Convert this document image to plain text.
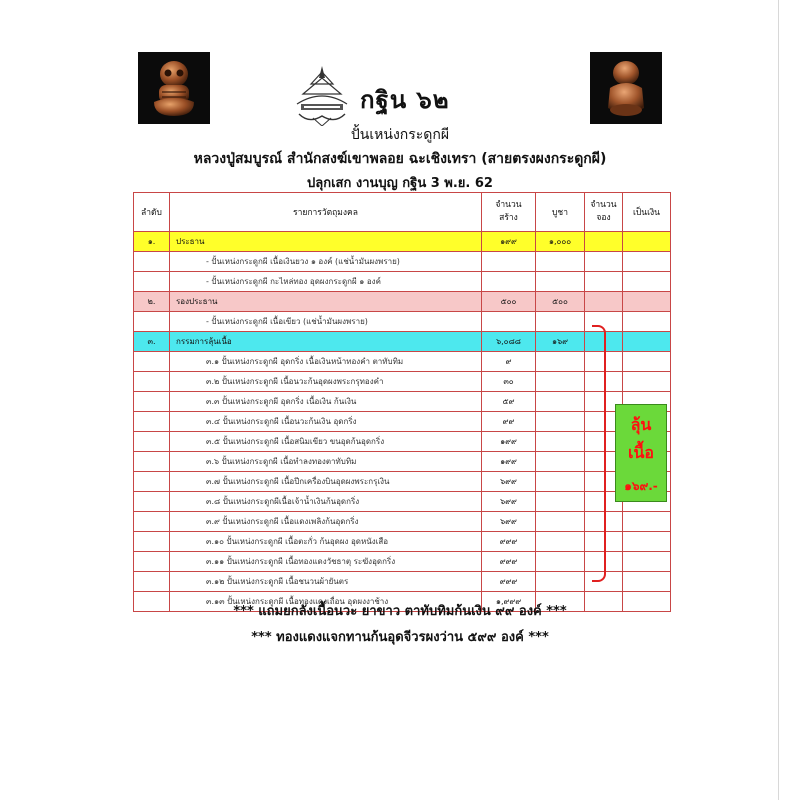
กฐิน ๖๒
ปั้นเหน่งกระดูกผี
หลวงปู่สมบูรณ์ สำนักสงฆ์เขาพลอย ฉะเชิงเทรา (สายตรงผงกระดูกผี)
ปลุกเสก งานบุญ กฐิน 3 พ.ย. 62
ลำดับ	รายการวัตถุมงคล	จำนวน สร้าง	บูชา	จำนวน จอง	เป็นเงิน
๑.	ประธาน	๑๙๙	๑,๐๐๐		
	- ปั้นเหน่งกระดูกผี เนื้อเงินยวง ๑ องค์ (แช่น้ำมันผงพราย)				
	- ปั้นเหน่งกระดูกผี กะไหล่ทอง อุดผงกระดูกผี ๑ องค์				
๒.	รองประธาน	๕๐๐	๕๐๐		
	- ปั้นเหน่งกระดูกผี เนื้อเขียว (แช่น้ำมันผงพราย)				
๓.	กรรมการลุ้นเนื้อ	๖,๐๘๘	๑๖๙		
	๓.๑ ปั้นเหน่งกระดูกผี อุดกริ่ง เนื้อเงินหน้าทองคำ ตาทับทิม	๙			
	๓.๒ ปั้นเหน่งกระดูกผี เนื้อนวะก้นอุดผงพระกรุทองคำ	๓๐			
	๓.๓ ปั้นเหน่งกระดูกผี อุดกริ่ง เนื้อเงิน ก้นเงิน	๕๙			
	๓.๔ ปั้นเหน่งกระดูกผี เนื้อนวะก้นเงิน อุดกริ่ง	๙๙			
	๓.๕ ปั้นเหน่งกระดูกผี เนื้อสนิมเขียว ขนอุดก้นอุดกริ่ง	๑๙๙			
	๓.๖ ปั้นเหน่งกระดูกผี เนื้อทำลงทองตาทับทิม	๑๙๙			
	๓.๗ ปั้นเหน่งกระดูกผี เนื้อปีกเครื่องบินอุดผงพระกรุเงิน	๖๙๙			
	๓.๘ ปั้นเหน่งกระดูกผีเนื้อเจ้าน้ำเงินก้นอุดกริ่ง	๖๙๙			
	๓.๙ ปั้นเหน่งกระดูกผี เนื้อแดงเพลิงก้นอุดกริ่ง	๖๙๙			
	๓.๑๐ ปั้นเหน่งกระดูกผี เนื้อตะกั่ว ก้นอุดผง อุดหนังเสือ	๙๙๙			
	๓.๑๑ ปั้นเหน่งกระดูกผี เนื้อทองแดงวัชธาตุ ระฆังอุดกริ่ง	๙๙๙			
	๓.๑๒ ปั้นเหน่งกระดูกผี เนื้อชนวนผ้ายันตร	๙๙๙			
	๓.๑๓ ปั้นเหน่งกระดูกผี เนื้อทองแดงเถื่อน อุดผงงาช้าง	๑,๙๙๙			
ลุ้น
เนื้อ
๑๖๙.-
*** แถมยกลังเนื้อนวะ ยาขาว ตาทับทิมก้นเงิน ๙๙ องค์ ***
*** ทองแดงแจกทานก้นอุดจีวรผงว่าน ๕๙๙ องค์ ***
